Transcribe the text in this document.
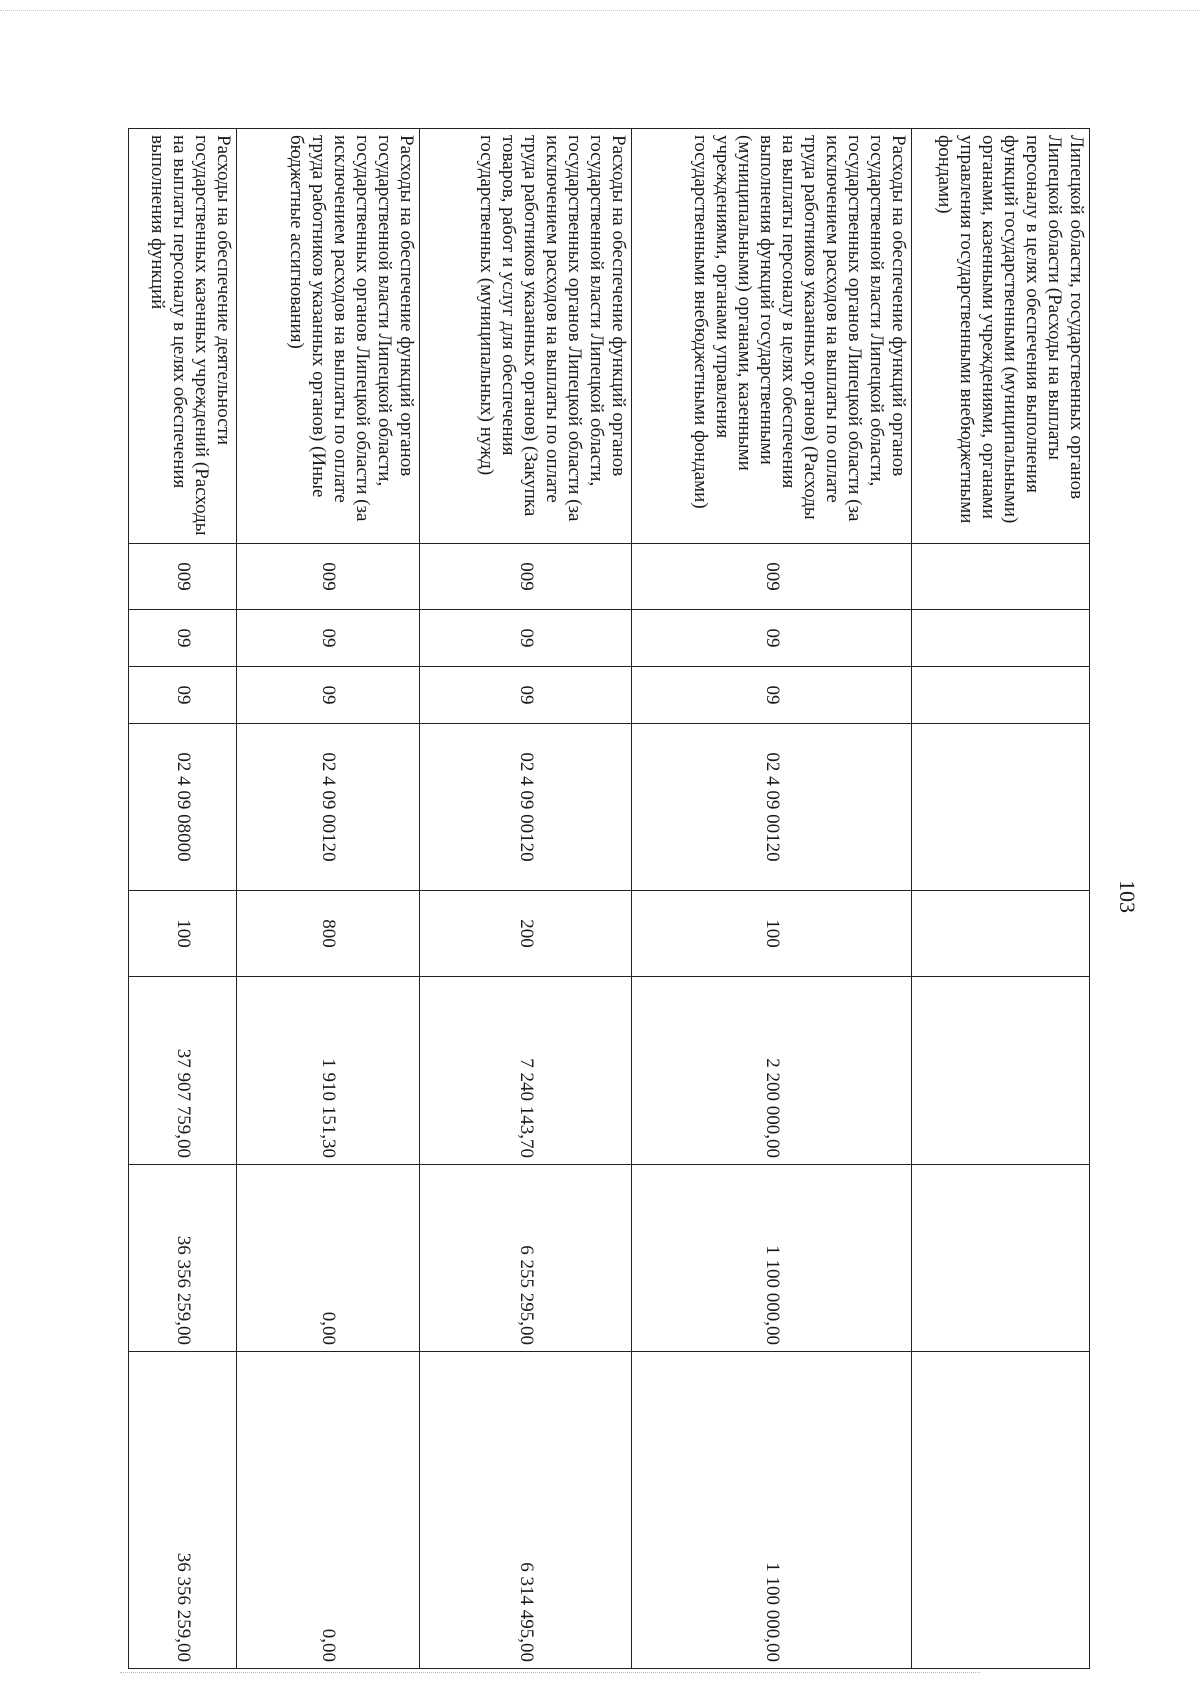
103
Липецкой области, государственных органов Липецкой области (Расходы на выплаты персоналу в целях обеспечения выполнения функций государственными (муниципальными) органами, казенными учреждениями, органами управления государственными внебюджетными фондами)								
Расходы на обеспечение функций органов государственной власти Липецкой области, государственных органов Липецкой области (за исключением расходов на выплаты по оплате труда работников указанных органов) (Расходы на выплаты персоналу в целях обеспечения выполнения функций государственными (муниципальными) органами, казенными учреждениями, органами управления государственными внебюджетными фондами)	009	09	09	02 4 09 00120	100	2 200 000,00	1 100 000,00	1 100 000,00
Расходы на обеспечение функций органов государственной власти Липецкой области, государственных органов Липецкой области (за исключением расходов на выплаты по оплате труда работников указанных органов) (Закупка товаров, работ и услуг для обеспечения государственных (муниципальных) нужд)	009	09	09	02 4 09 00120	200	7 240 143,70	6 255 295,00	6 314 495,00
Расходы на обеспечение функций органов государственной власти Липецкой области, государственных органов Липецкой области (за исключением расходов на выплаты по оплате труда работников указанных органов) (Иные бюджетные ассигнования)	009	09	09	02 4 09 00120	800	1 910 151,30	0,00	0,00
Расходы на обеспечение деятельности государственных казенных учреждений (Расходы на выплаты персоналу в целях обеспечения выполнения функций	009	09	09	02 4 09 08000	100	37 907 759,00	36 356 259,00	36 356 259,00
